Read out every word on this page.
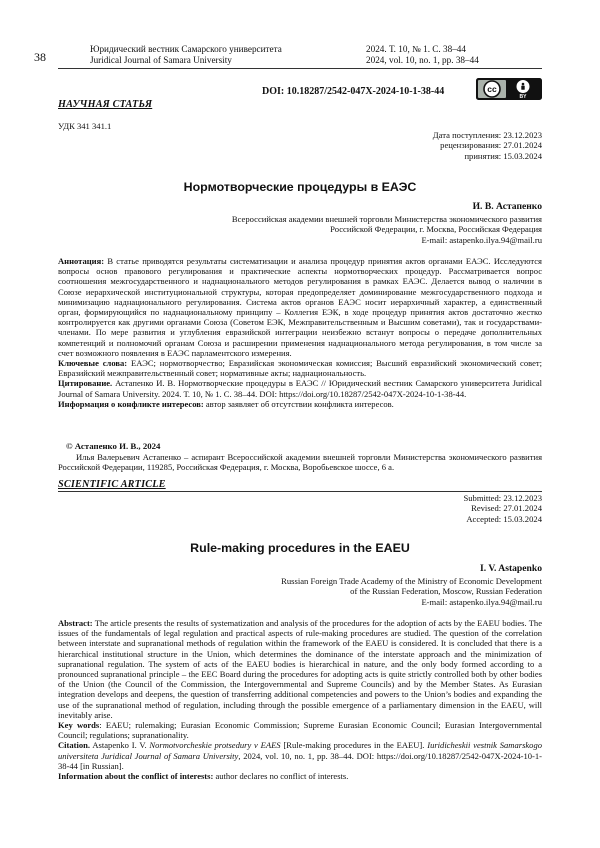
38
Юридический вестник Самарского университета
Juridical Journal of Samara University
2024. Т. 10, № 1. С. 38–44
2024, vol. 10, no. 1, pp. 38–44
DOI: 10.18287/2542-047X-2024-10-1-38-44	cc
BY
НАУЧНАЯ СТАТЬЯ
УДК 341 341.1
Дата поступления: 23.12.2023
рецензирования: 27.01.2024
принятия: 15.03.2024
Нормотворческие процедуры в ЕАЭС
И. В. Астапенко
Всероссийская академии внешней торговли Министерства экономического развития
Российской Федерации, г. Москва, Российская Федерация
E-mail: astapenko.ilya.94@mail.ru

Аннотация: В статье приводятся результаты систематизации и анализа процедур принятия актов органами ЕАЭС. Исследуются вопросы основ правового регулирования и практические аспекты нормотворческих процедур. Рассматривается вопрос соотношения межгосударственного и наднационального методов регулирования в рамках ЕАЭС. Делается вывод о наличии в Союзе иерархической институциональной структуры, которая предопределяет доминирование межгосударственного подхода и минимизацию наднационального регулирования. Система актов органов ЕАЭС носит иерархичный характер, а единственный орган, формирующийся по наднациональному принципу – Коллегия ЕЭК, в ходе процедур принятия актов достаточно жестко контролируется как другими органами Союза (Советом ЕЭК, Межправительственным и Высшим советами), так и государствами-членами. По мере развития и углубления евразийской интеграции неизбежно встанут вопросы о передаче дополнительных компетенций и полномочий органам Союза и расширении применения наднационального метода регулирования, в том числе за счет возможного появления в ЕАЭС парламентского измерения.

Ключевые слова: ЕАЭС; нормотворчество; Евразийская экономическая комиссия; Высший евразийский экономический совет; Евразийский межправительственный совет; нормативные акты; наднациональность.

Цитирование. Астапенко И. В. Нормотворческие процедуры в ЕАЭС // Юридический вестник Самарского университета Juridical Journal of Samara University. 2024. Т. 10, № 1. С. 38–44. DOI: https://doi.org/10.18287/2542-047X-2024-10-1-38-44.

Информация о конфликте интересов: автор заявляет об отсутствии конфликта интересов.

© Астапенко И. В., 2024
Илья Валерьевич Астапенко – аспирант Всероссийской академии внешней торговли Министерства экономического развития Российской Федерации, 119285, Российская Федерация, г. Москва, Воробьевское шоссе, 6 а.
SCIENTIFIC ARTICLE
Submitted: 23.12.2023
Revised: 27.01.2024
Accepted: 15.03.2024
Rule-making procedures in the EAEU
I. V. Astapenko
Russian Foreign Trade Academy of the Ministry of Economic Development
of the Russian Federation, Moscow, Russian Federation
E-mail: astapenko.ilya.94@mail.ru

Abstract: The article presents the results of systematization and analysis of the procedures for the adoption of acts by the EAEU bodies. The issues of the fundamentals of legal regulation and practical aspects of rule-making procedures are studied. The question of the correlation between interstate and supranational methods of regulation within the framework of the EAEU is considered. It is concluded that there is a hierarchical institutional structure in the Union, which determines the dominance of the interstate approach and the minimization of supranational regulation. The system of acts of the EAEU bodies is hierarchical in nature, and the only body formed according to a pronounced supranational principle – the EEC Board during the procedures for adopting acts is quite strictly controlled both by other bodies of the Union (the Council of the Commission, the Intergovernmental and Supreme Councils) and by the Member States. As Eurasian integration develops and deepens, the question of transferring additional competencies and powers to the Union’s bodies and expanding the use of the supranational method of regulation, including through the possible emergence of a parliamentary dimension in the EAEU, will inevitably arise.

Key words: EAEU; rulemaking; Eurasian Economic Commission; Supreme Eurasian Economic Council; Eurasian Intergovernmental Council; regulations; supranationality.

Citation. Astapenko I. V. Normotvorcheskie protsedury v EAES [Rule-making procedures in the EAEU]. Iuridicheskii vestnik Samarskogo universiteta Juridical Journal of Samara University, 2024, vol. 10, no. 1, pp. 38–44. DOI: https://doi.org/10.18287/2542-047X-2024-10-1-38-44 [in Russian].

Information about the conflict of interests: author declares no conflict of interests.
